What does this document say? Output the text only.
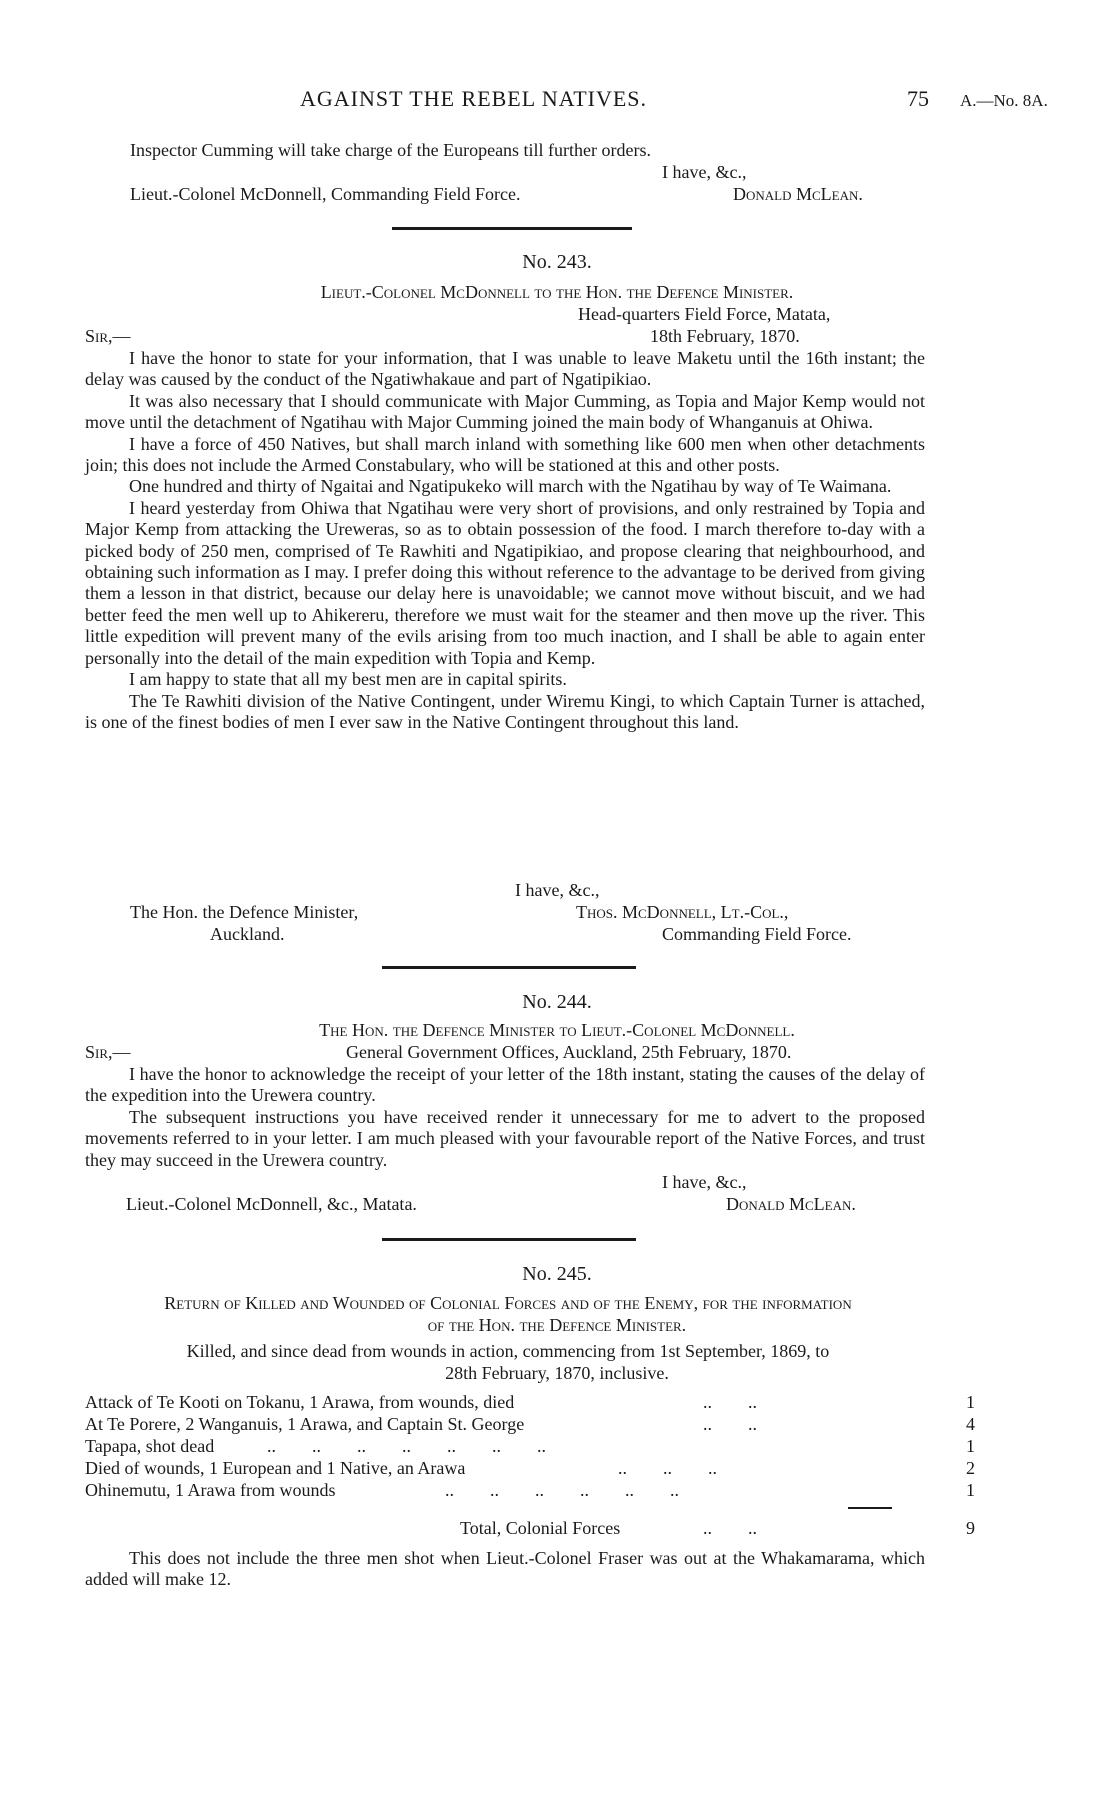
AGAINST THE REBEL NATIVES.	75 A.—No. 8A.
Inspector Cumming will take charge of the Europeans till further orders.
I have, &c.,
Lieut.-Colonel McDonnell, Commanding Field Force.	Donald McLean.
No. 243.
Lieut.-Colonel McDonnell to the Hon. the Defence Minister.
Head-quarters Field Force, Matata,
Sir,—	18th February, 1870.
I have the honor to state for your information, that I was unable to leave Maketu until the 16th instant; the delay was caused by the conduct of the Ngatiwhakaue and part of Ngatipikiao.
It was also necessary that I should communicate with Major Cumming, as Topia and Major Kemp would not move until the detachment of Ngatihau with Major Cumming joined the main body of Whanganuis at Ohiwa.
I have a force of 450 Natives, but shall march inland with something like 600 men when other detachments join; this does not include the Armed Constabulary, who will be stationed at this and other posts.
One hundred and thirty of Ngaitai and Ngatipukeko will march with the Ngatihau by way of Te Waimana.
I heard yesterday from Ohiwa that Ngatihau were very short of provisions, and only restrained by Topia and Major Kemp from attacking the Ureweras, so as to obtain possession of the food. I march therefore to-day with a picked body of 250 men, comprised of Te Rawhiti and Ngatipikiao, and propose clearing that neighbourhood, and obtaining such information as I may. I prefer doing this without reference to the advantage to be derived from giving them a lesson in that district, because our delay here is unavoidable; we cannot move without biscuit, and we had better feed the men well up to Ahikereru, therefore we must wait for the steamer and then move up the river. This little expedition will prevent many of the evils arising from too much inaction, and I shall be able to again enter personally into the detail of the main expedition with Topia and Kemp.
I am happy to state that all my best men are in capital spirits.
The Te Rawhiti division of the Native Contingent, under Wiremu Kingi, to which Captain Turner is attached, is one of the finest bodies of men I ever saw in the Native Contingent throughout this land.
I have, &c.,
The Hon. the Defence Minister,	Thos. McDonnell, Lt.-Col.,
Auckland.	Commanding Field Force.
No. 244.
The Hon. the Defence Minister to Lieut.-Colonel McDonnell.
Sir,—	General Government Offices, Auckland, 25th February, 1870.
I have the honor to acknowledge the receipt of your letter of the 18th instant, stating the causes of the delay of the expedition into the Urewera country.
The subsequent instructions you have received render it unnecessary for me to advert to the proposed movements referred to in your letter. I am much pleased with your favourable report of the Native Forces, and trust they may succeed in the Urewera country.
I have, &c.,
Lieut.-Colonel McDonnell, &c., Matata.	Donald McLean.
No. 245.
Return of Killed and Wounded of Colonial Forces and of the Enemy, for the information
of the Hon. the Defence Minister.
Killed, and since dead from wounds in action, commencing from 1st September, 1869, to
28th February, 1870, inclusive.
Attack of Te Kooti on Tokanu, 1 Arawa, from wounds, died	..        ..	1
At Te Porere, 2 Wanganuis, 1 Arawa, and Captain St. George	..        ..	4
Tapapa, shot dead	..        ..        ..        ..        ..        ..        ..	1
Died of wounds, 1 European and 1 Native, an Arawa	..        ..        ..	2
Ohinemutu, 1 Arawa from wounds	..        ..        ..        ..        ..        ..	1
Total, Colonial Forces	..        ..	9
This does not include the three men shot when Lieut.-Colonel Fraser was out at the Whakamarama, which added will make 12.
